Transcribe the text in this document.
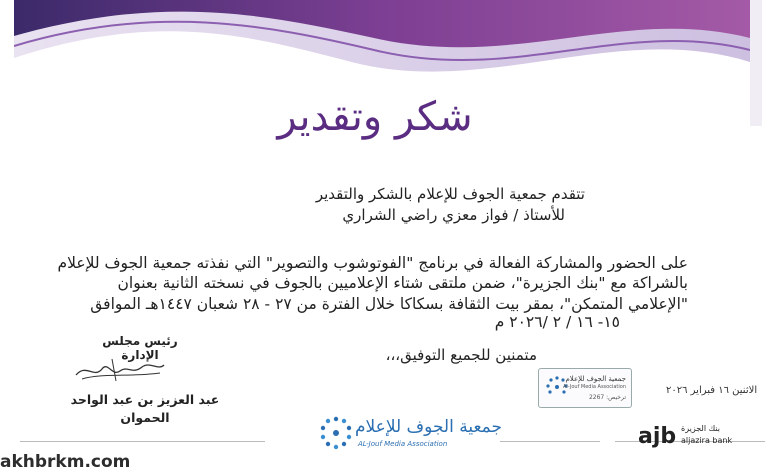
شكر وتقدير
تتقدم جمعية الجوف للإعلام بالشكر والتقدير
للأستاذ / فواز معزي راضي الشراري
على الحضور والمشاركة الفعالة في برنامج "الفوتوشوب والتصوير" التي نفذته جمعية الجوف للإعلام
بالشراكة مع "بنك الجزيرة"، ضمن ملتقى شتاء الإعلاميين بالجوف في نسخته الثانية بعنوان
"الإعلامي المتمكن"، بمقر بيت الثقافة بسكاكا خلال الفترة من ٢٧ - ٢٨ شعبان ١٤٤٧هـ الموافق
١٥- ١٦ / ٢ /٢٠٢٦ م
متمنين للجميع التوفيق،،،
رئيس مجلس الإدارة
عبد العزيز بن عبد الواحد
الحموان
جمعية الجوف للإعلام
Al-Jouf Media Association
ترخيص: 2267
الاثنين ١٦ فبراير ٢٠٢٦
جمعية الجوف للإعلام
AL-Jouf Media Association	ajb بنك الجزيرة
aljazira bank
akhbrkm.com
